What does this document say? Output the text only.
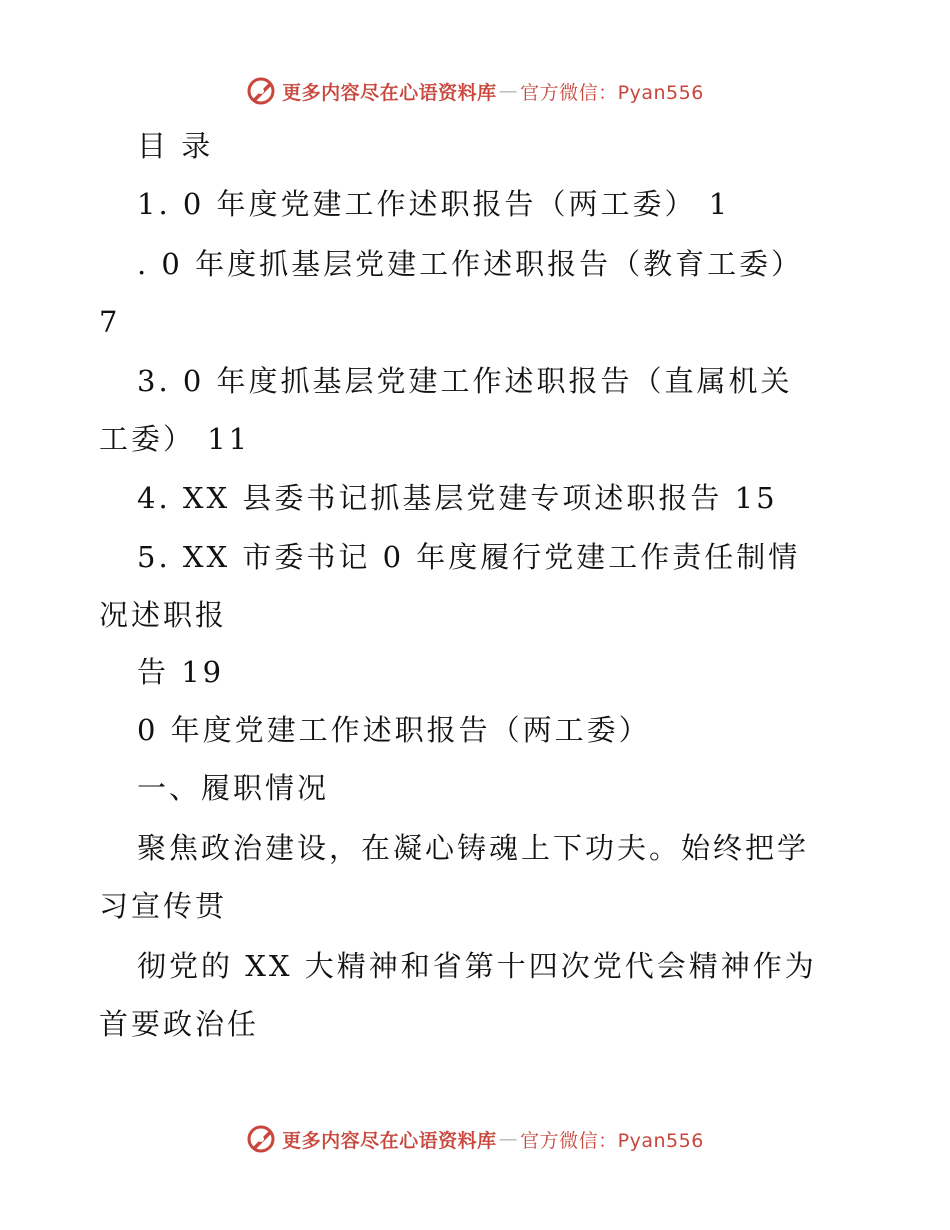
更多内容尽在心语资料库 — 官方微信：Pyan556
目 录
1. 0 年度党建工作述职报告（两工委） 1
. 0 年度抓基层党建工作述职报告（教育工委）
7
3. 0 年度抓基层党建工作述职报告（直属机关
工委） 11
4. XX 县委书记抓基层党建专项述职报告 15
5. XX 市委书记 0 年度履行党建工作责任制情
况述职报
告 19
0 年度党建工作述职报告（两工委）
一、履职情况
聚焦政治建设，在凝心铸魂上下功夫。始终把学
习宣传贯
彻党的 XX 大精神和省第十四次党代会精神作为
首要政治任
更多内容尽在心语资料库 — 官方微信：Pyan556
